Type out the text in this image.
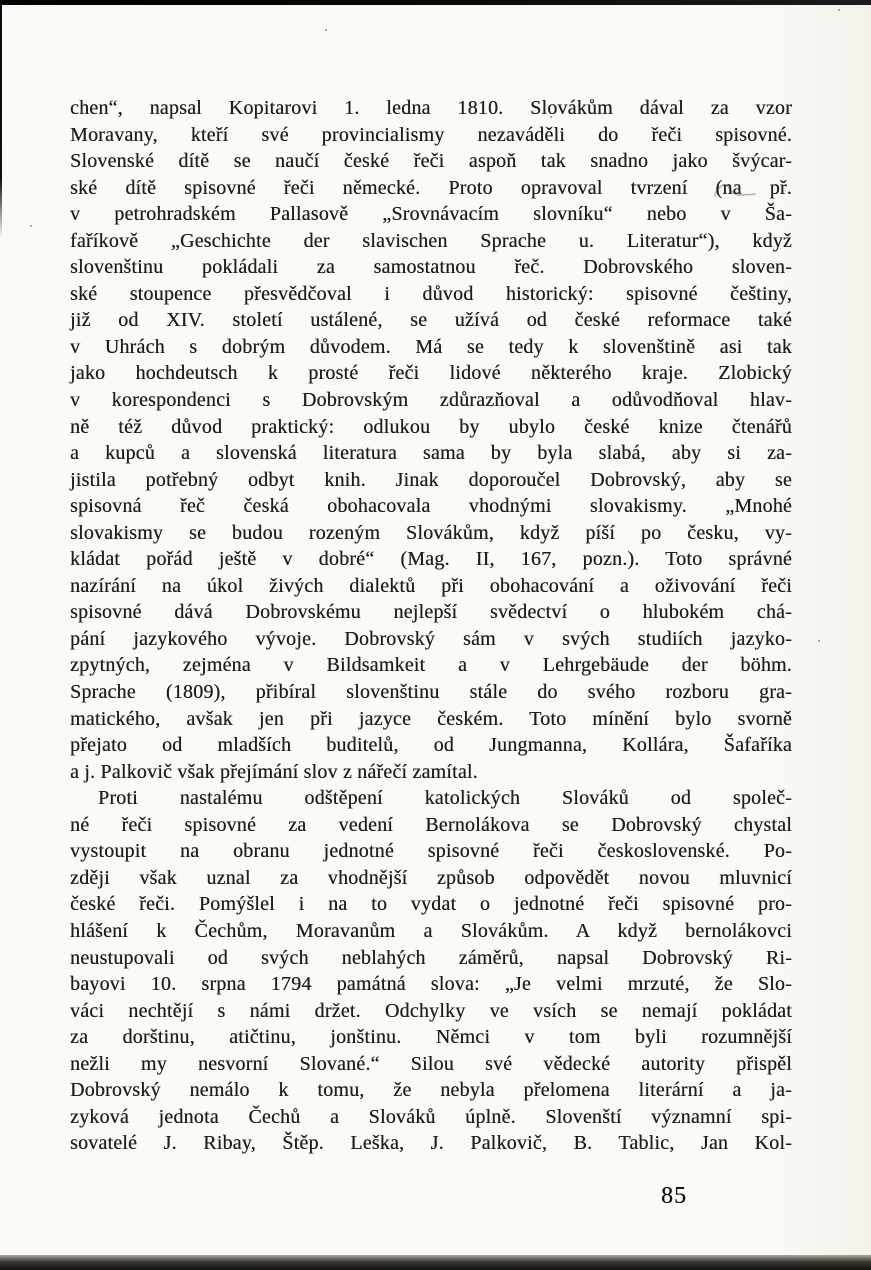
chen“, napsal Kopitarovi 1. ledna 1810. Slovákům dával za vzor
Moravany, kteří své provincialismy nezaváděli do řeči spisovné.
Slovenské dítě se naučí české řeči aspoň tak snadno jako švýcar-
ské dítě spisovné řeči německé. Proto opravoval tvrzení (na př.
v petrohradském Pallasově „Srovnávacím slovníku“ nebo v Ša-
faříkově „Geschichte der slavischen Sprache u. Literatur“), když
slovenštinu pokládali za samostatnou řeč. Dobrovského sloven-
ské stoupence přesvědčoval i důvod historický: spisovné češtiny,
již od XIV. století ustálené, se užívá od české reformace také
v Uhrách s dobrým důvodem. Má se tedy k slovenštině asi tak
jako hochdeutsch k prosté řeči lidové některého kraje. Zlobický
v korespondenci s Dobrovským zdůrazňoval a odůvodňoval hlav-
ně též důvod praktický: odlukou by ubylo české knize čtenářů
a kupců a slovenská literatura sama by byla slabá, aby si za-
jistila potřebný odbyt knih. Jinak doporoučel Dobrovský, aby se
spisovná řeč česká obohacovala vhodnými slovakismy. „Mnohé
slovakismy se budou rozeným Slovákům, když píší po česku, vy-
kládat pořád ještě v dobré“ (Mag. II, 167, pozn.). Toto správné
nazírání na úkol živých dialektů při obohacování a oživování řeči
spisovné dává Dobrovskému nejlepší svědectví o hlubokém chá-
pání jazykového vývoje. Dobrovský sám v svých studiích jazyko-
zpytných, zejména v Bildsamkeit a v Lehrgebäude der böhm.
Sprache (1809), přibíral slovenštinu stále do svého rozboru gra-
matického, avšak jen při jazyce českém. Toto mínění bylo svorně
přejato od mladších buditelů, od Jungmanna, Kollára, Šafaříka
a j. Palkovič však přejímání slov z nářečí zamítal.
Proti nastalému odštěpení katolických Slováků od společ-
né řeči spisovné za vedení Bernolákova se Dobrovský chystal
vystoupit na obranu jednotné spisovné řeči československé. Po-
zději však uznal za vhodnější způsob odpovědět novou mluvnicí
české řeči. Pomýšlel i na to vydat o jednotné řeči spisovné pro-
hlášení k Čechům, Moravanům a Slovákům. A když bernolákovci
neustupovali od svých neblahých záměrů, napsal Dobrovský Ri-
bayovi 10. srpna 1794 památná slova: „Je velmi mrzuté, že Slo-
váci nechtějí s námi držet. Odchylky ve vsích se nemají pokládat
za dorštinu, atičtinu, jonštinu. Němci v tom byli rozumnější
nežli my nesvorní Slované.“ Silou své vědecké autority přispěl
Dobrovský nemálo k tomu, že nebyla přelomena literární a ja-
zyková jednota Čechů a Slováků úplně. Slovenští významní spi-
sovatelé J. Ribay, Štěp. Leška, J. Palkovič, B. Tablic, Jan Kol-
85
